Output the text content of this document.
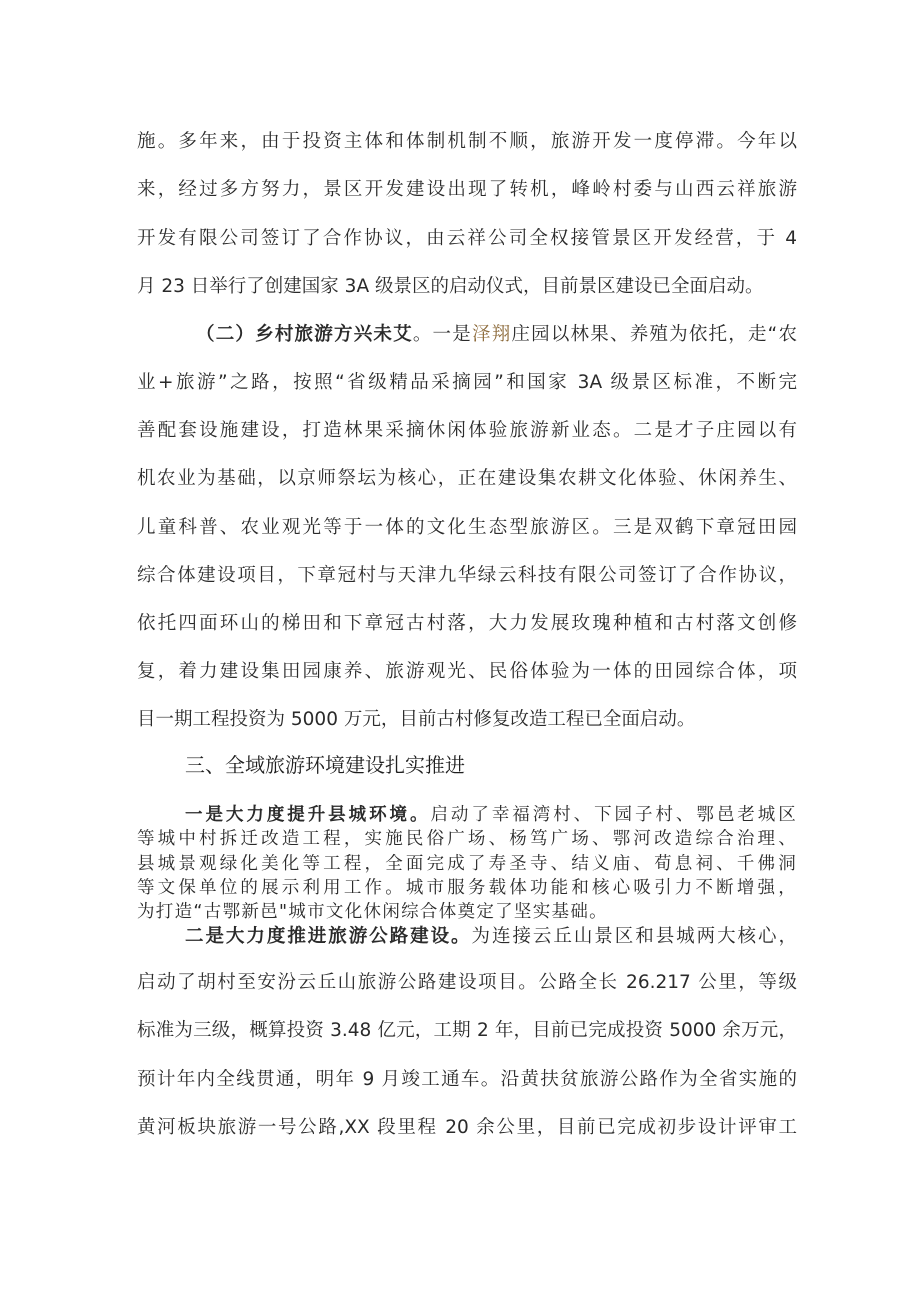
施。多年来，由于投资主体和体制机制不顺，旅游开发一度停滞。今年以
来，经过多方努力，景区开发建设出现了转机，峰岭村委与山西云祥旅游
开发有限公司签订了合作协议，由云祥公司全权接管景区开发经营，于 4
月 23 日举行了创建国家 3A 级景区的启动仪式，目前景区建设已全面启动。
（二）乡村旅游方兴未艾。一是泽翔庄园以林果、养殖为依托，走“农
业+旅游”之路，按照“省级精品采摘园”和国家 3A 级景区标准，不断完
善配套设施建设，打造林果采摘休闲体验旅游新业态。二是才子庄园以有
机农业为基础，以京师祭坛为核心，正在建设集农耕文化体验、休闲养生、
儿童科普、农业观光等于一体的文化生态型旅游区。三是双鹤下章冠田园
综合体建设项目，下章冠村与天津九华绿云科技有限公司签订了合作协议，
依托四面环山的梯田和下章冠古村落，大力发展玫瑰种植和古村落文创修
复，着力建设集田园康养、旅游观光、民俗体验为一体的田园综合体，项
目一期工程投资为 5000 万元，目前古村修复改造工程已全面启动。
三、全域旅游环境建设扎实推进
一是大力度提升县城环境。启动了幸福湾村、下园子村、鄂邑老城区
等城中村拆迁改造工程，实施民俗广场、杨笃广场、鄂河改造综合治理、
县城景观绿化美化等工程，全面完成了寿圣寺、结义庙、荀息祠、千佛洞
等文保单位的展示利用工作。城市服务载体功能和核心吸引力不断增强，
为打造“古鄂新邑"城市文化休闲综合体奠定了坚实基础。
二是大力度推进旅游公路建设。为连接云丘山景区和县城两大核心，
启动了胡村至安汾云丘山旅游公路建设项目。公路全长 26.217 公里，等级
标准为三级，概算投资 3.48 亿元，工期 2 年，目前已完成投资 5000 余万元，
预计年内全线贯通，明年 9 月竣工通车。沿黄扶贫旅游公路作为全省实施的
黄河板块旅游一号公路,XX 段里程 20 余公里，目前已完成初步设计评审工
